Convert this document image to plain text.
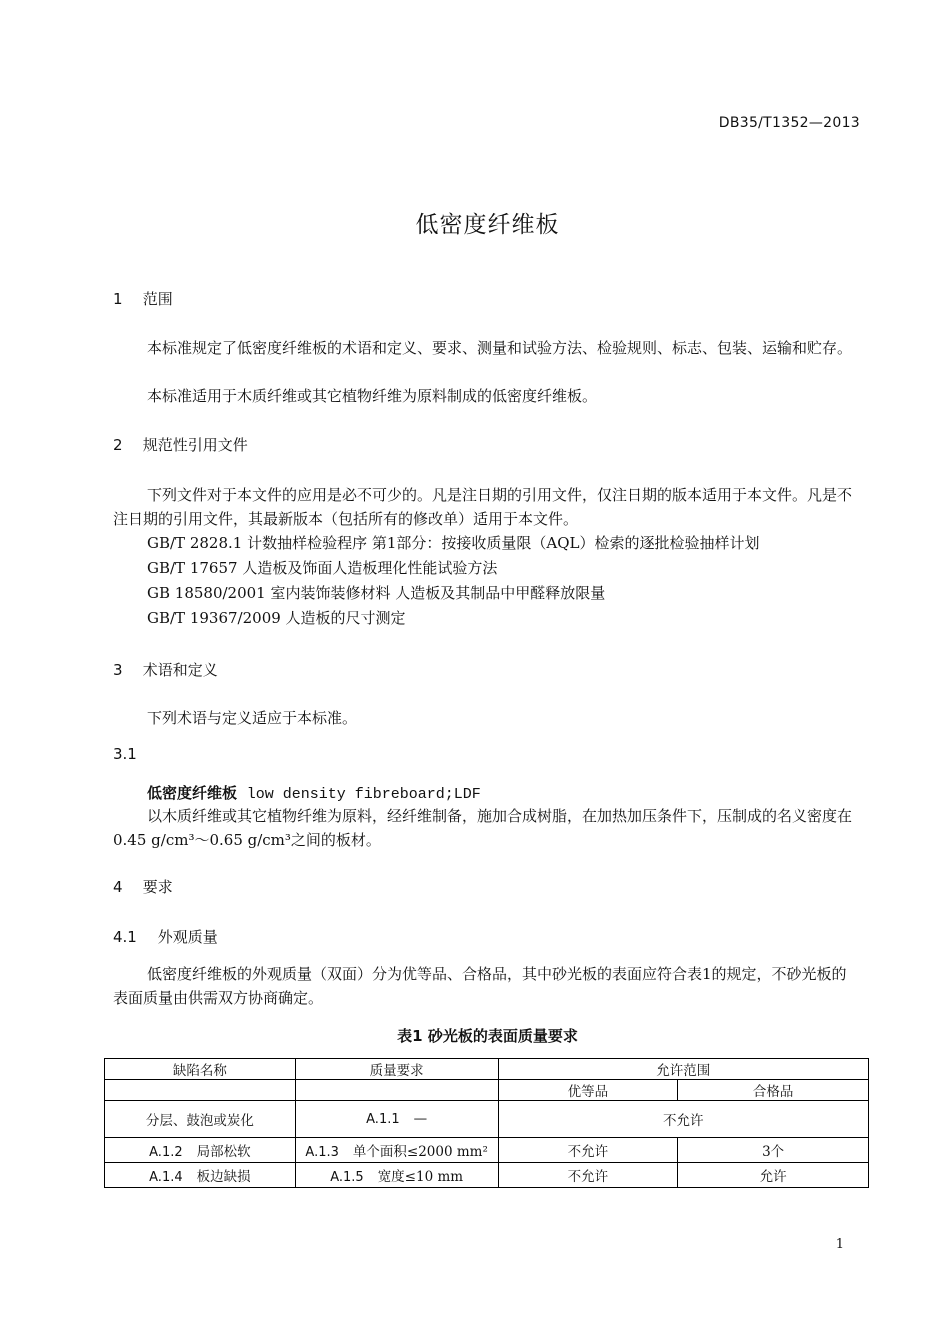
DB35/T1352—2013
低密度纤维板
1 范围
本标准规定了低密度纤维板的术语和定义、要求、测量和试验方法、检验规则、标志、包装、运输和贮存。
本标准适用于木质纤维或其它植物纤维为原料制成的低密度纤维板。
2 规范性引用文件
下列文件对于本文件的应用是必不可少的。凡是注日期的引用文件，仅注日期的版本适用于本文件。凡是不注日期的引用文件，其最新版本（包括所有的修改单）适用于本文件。
GB/T 2828.1 计数抽样检验程序 第1部分：按接收质量限（AQL）检索的逐批检验抽样计划
GB/T 17657 人造板及饰面人造板理化性能试验方法
GB 18580/2001 室内装饰装修材料 人造板及其制品中甲醛释放限量
GB/T 19367/2009 人造板的尺寸测定
3 术语和定义
下列术语与定义适应于本标准。
3.1
低密度纤维板 low density fibreboard;LDF
以木质纤维或其它植物纤维为原料，经纤维制备，施加合成树脂，在加热加压条件下，压制成的名义密度在0.45 g/cm³～0.65 g/cm³之间的板材。
4 要求
4.1 外观质量
低密度纤维板的外观质量（双面）分为优等品、合格品，其中砂光板的表面应符合表1的规定，不砂光板的表面质量由供需双方协商确定。
表1 砂光板的表面质量要求
缺陷名称	质量要求	允许范围	
		优等品	合格品
分层、鼓泡或炭化	A.1.1 —	不允许	
A.1.2 局部松软	A.1.3 单个面积≤2000 mm²	不允许	3个
A.1.4 板边缺损	A.1.5 宽度≤10 mm	不允许	允许
1
